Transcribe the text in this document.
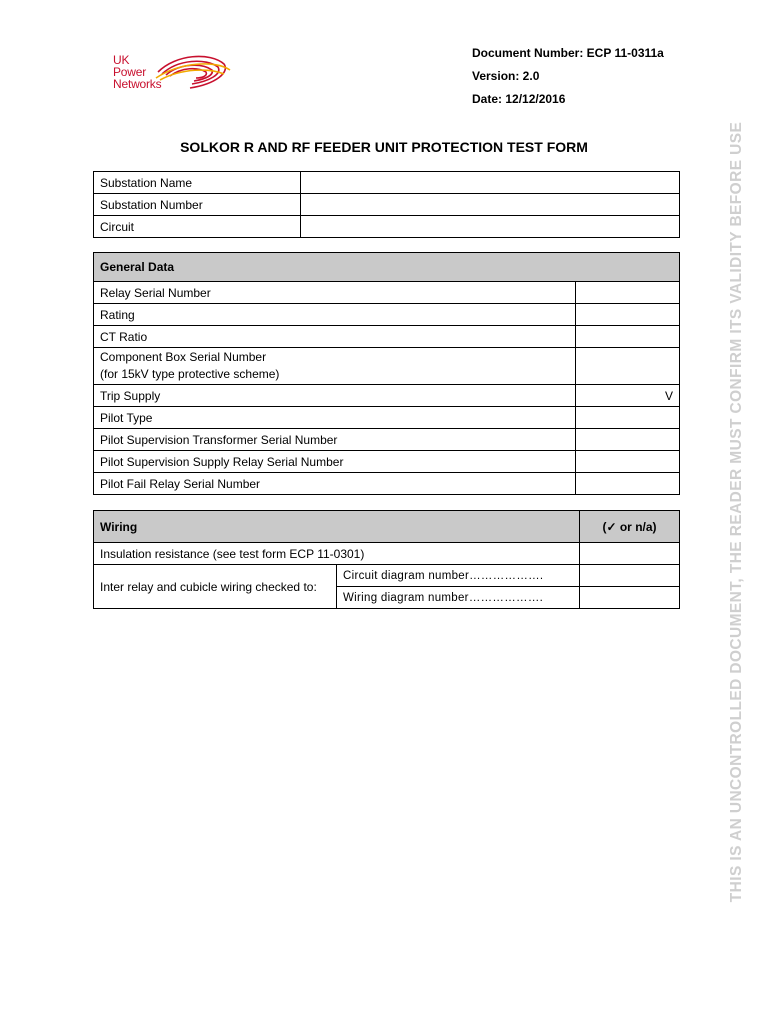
UK
Power
Networks
Document Number: ECP 11-0311a
Version: 2.0
Date: 12/12/2016
SOLKOR R AND RF FEEDER UNIT PROTECTION TEST FORM
Substation Name	
Substation Number	
Circuit	
General Data	
Relay Serial Number	
Rating	
CT Ratio	

Component Box Serial Number
(for 15kV type protective scheme)	

Trip Supply	V
Pilot Type	
Pilot Supervision Transformer Serial Number	
Pilot Supervision Supply Relay Serial Number	
Pilot Fail Relay Serial Number	
Wiring		(✓ or n/a)
Insulation resistance (see test form ECP 11-0301)		
Inter relay and cubicle wiring checked to:	Circuit diagram number……………….	
	Wiring diagram number……………….		THIS IS AN UNCONTROLLED DOCUMENT, THE READER MUST CONFIRM ITS VALIDITY BEFORE USE
